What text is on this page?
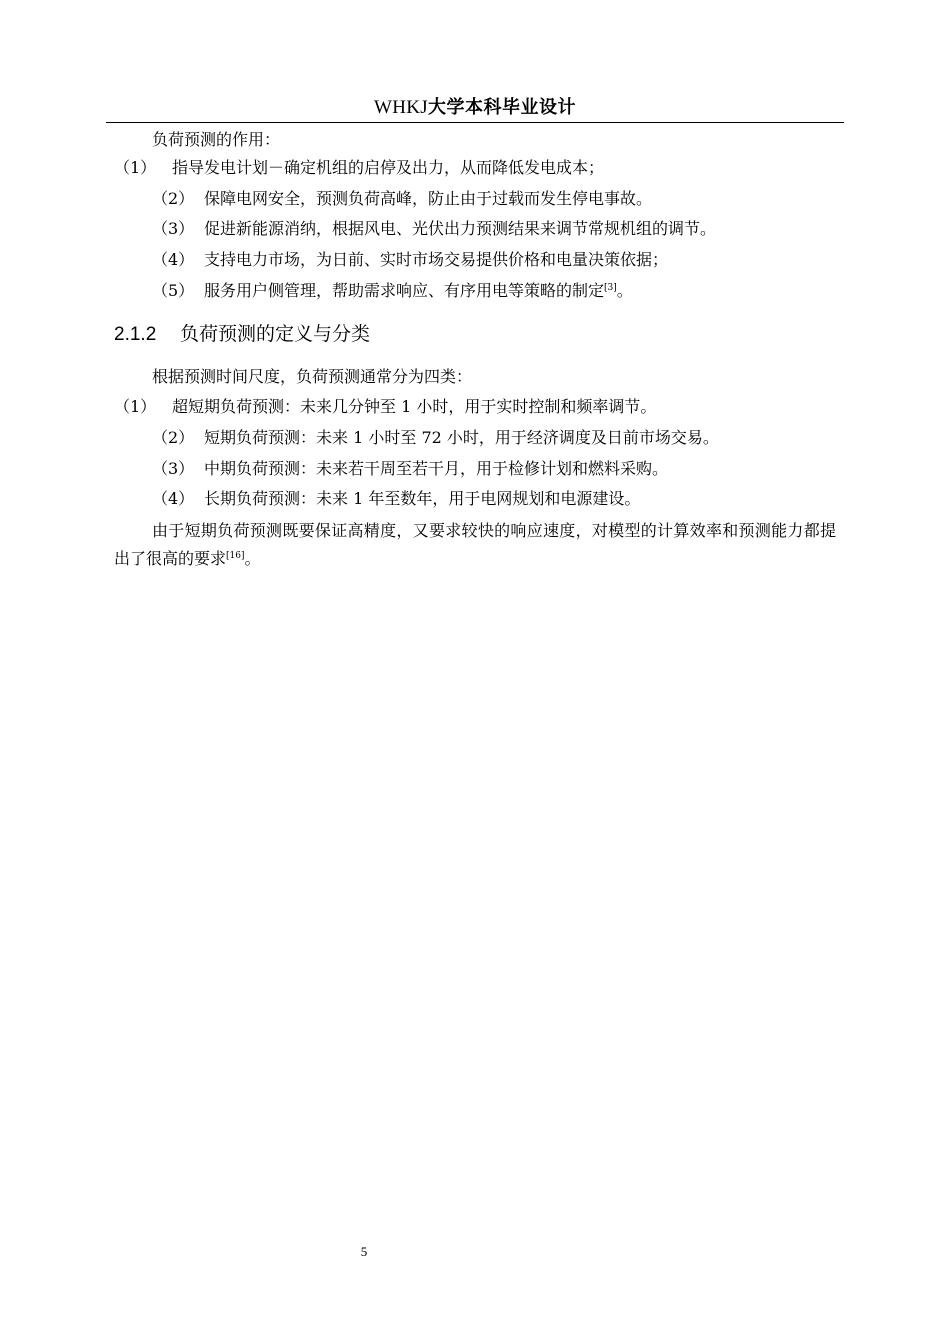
WHKJ大学本科毕业设计
负荷预测的作用：
（1） 指导发电计划－确定机组的启停及出力，从而降低发电成本；
（2） 保障电网安全，预测负荷高峰，防止由于过载而发生停电事故。
（3） 促进新能源消纳，根据风电、光伏出力预测结果来调节常规机组的调节。
（4） 支持电力市场，为日前、实时市场交易提供价格和电量决策依据；
（5） 服务用户侧管理，帮助需求响应、有序用电等策略的制定[3]。
2.1.2 负荷预测的定义与分类
根据预测时间尺度，负荷预测通常分为四类：
（1） 超短期负荷预测：未来几分钟至 1 小时，用于实时控制和频率调节。
（2） 短期负荷预测：未来 1 小时至 72 小时，用于经济调度及日前市场交易。
（3） 中期负荷预测：未来若干周至若干月，用于检修计划和燃料采购。
（4） 长期负荷预测：未来 1 年至数年，用于电网规划和电源建设。
由于短期负荷预测既要保证高精度，又要求较快的响应速度，对模型的计算效率和预测能力都提出了很高的要求[16]。
5
